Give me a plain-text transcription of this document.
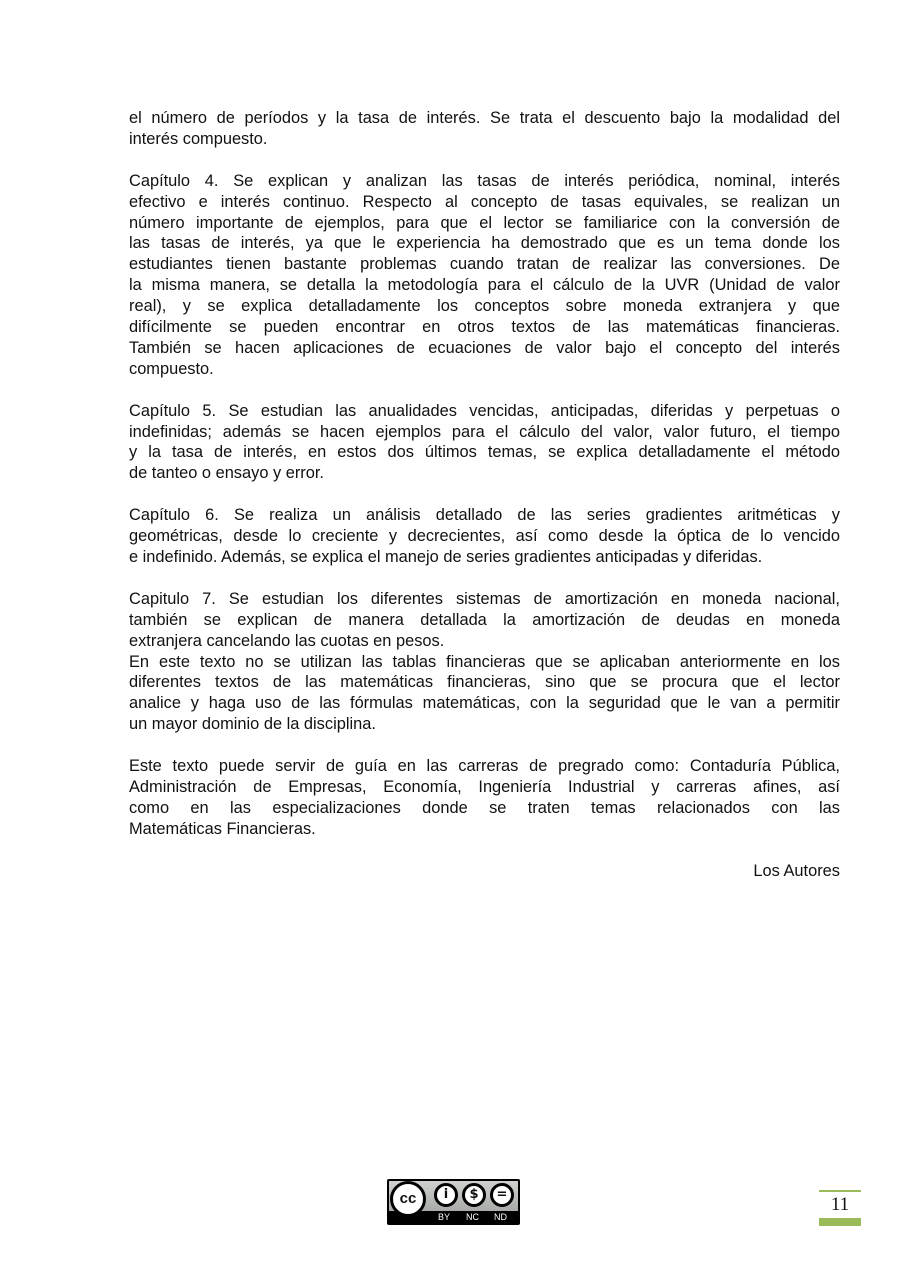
el número de períodos y la tasa de interés. Se trata el descuento bajo la modalidad del
interés compuesto.
Capítulo 4. Se explican y analizan las tasas de interés periódica, nominal, interés
efectivo e interés continuo. Respecto al concepto de tasas equivales, se realizan un
número importante de ejemplos, para que el lector se familiarice con la conversión de
las tasas de interés, ya que le experiencia ha demostrado que es un tema donde los
estudiantes tienen bastante problemas cuando tratan de realizar las conversiones. De
la misma manera, se detalla la metodología para el cálculo de la UVR (Unidad de valor
real), y se explica detalladamente los conceptos sobre moneda extranjera y que
difícilmente se pueden encontrar en otros textos de las matemáticas financieras.
También se hacen aplicaciones de ecuaciones de valor bajo el concepto del interés
compuesto.
Capítulo 5. Se estudian las anualidades vencidas, anticipadas, diferidas y perpetuas o
indefinidas; además se hacen ejemplos para el cálculo del valor, valor futuro, el tiempo
y la tasa de interés, en estos dos últimos temas, se explica detalladamente el método
de tanteo o ensayo y error.
Capítulo 6. Se realiza un análisis detallado de las series gradientes aritméticas y
geométricas, desde lo creciente y decrecientes, así como desde la óptica de lo vencido
e indefinido. Además, se explica el manejo de series gradientes anticipadas y diferidas.
Capitulo 7. Se estudian los diferentes sistemas de amortización en moneda nacional,
también se explican de manera detallada la amortización de deudas en moneda
extranjera cancelando las cuotas en pesos.
En este texto no se utilizan las tablas financieras que se aplicaban anteriormente en los
diferentes textos de las matemáticas financieras, sino que se procura que el lector
analice y haga uso de las fórmulas matemáticas, con la seguridad que le van a permitir
un mayor dominio de la disciplina.
Este texto puede servir de guía en las carreras de pregrado como: Contaduría Pública,
Administración de Empresas, Economía, Ingeniería Industrial y carreras afines, así
como en las especializaciones donde se traten temas relacionados con las
Matemáticas Financieras.
Los Autores
cc	i	$	=
BY NC ND
11
